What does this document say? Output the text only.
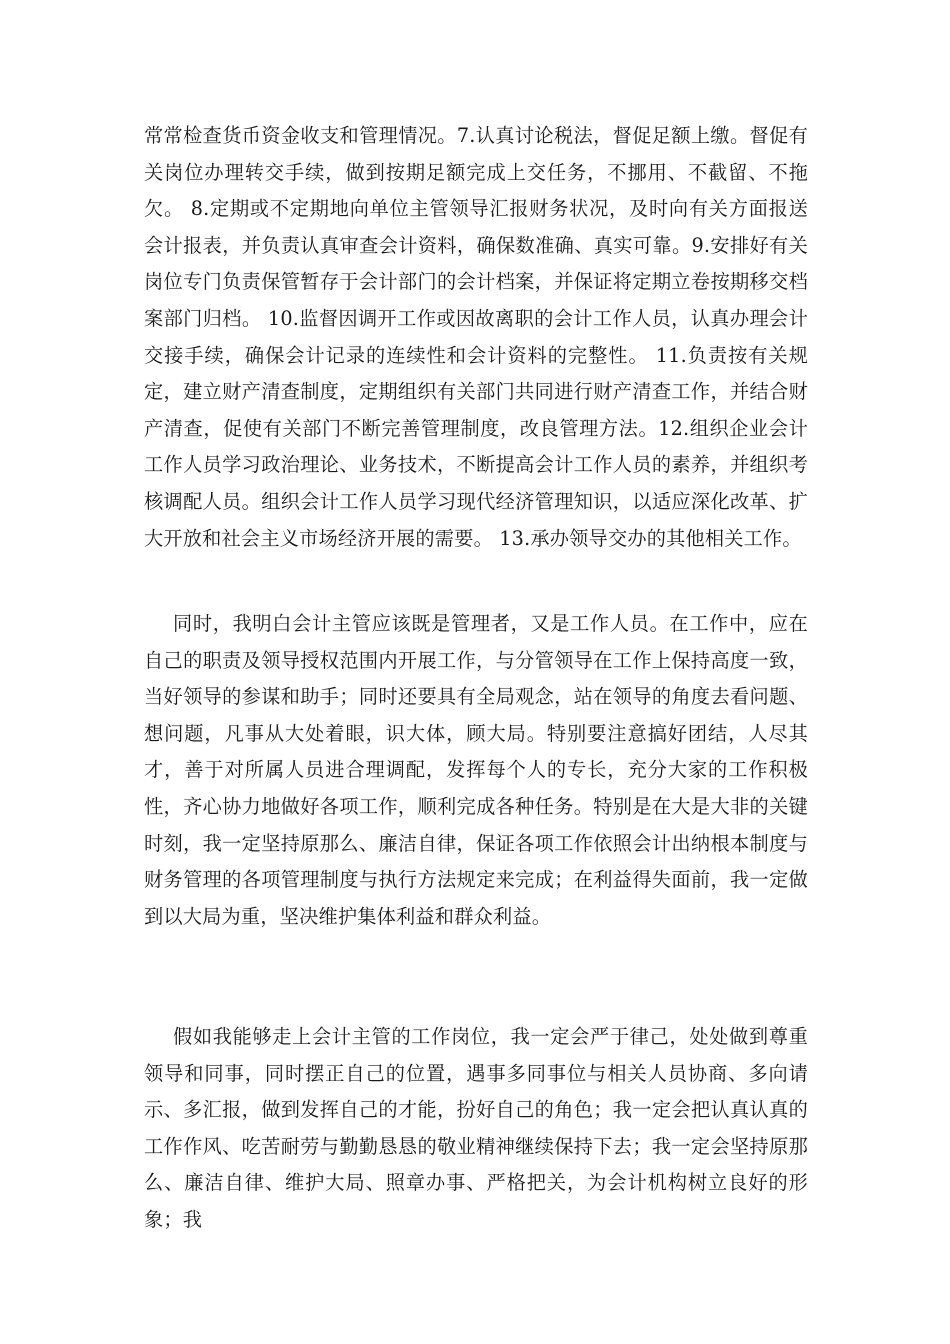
常常检查货币资金收支和管理情况。7.认真讨论税法，督促足额上缴。督促有关岗位办理转交手续，做到按期足额完成上交任务，不挪用、不截留、不拖欠。 8.定期或不定期地向单位主管领导汇报财务状况，及时向有关方面报送会计报表，并负责认真审查会计资料，确保数准确、真实可靠。9.安排好有关岗位专门负责保管暂存于会计部门的会计档案，并保证将定期立卷按期移交档案部门归档。 10.监督因调开工作或因故离职的会计工作人员，认真办理会计交接手续，确保会计记录的连续性和会计资料的完整性。 11.负责按有关规定，建立财产清查制度，定期组织有关部门共同进行财产清查工作，并结合财产清查，促使有关部门不断完善管理制度，改良管理方法。12.组织企业会计工作人员学习政治理论、业务技术，不断提高会计工作人员的素养，并组织考核调配人员。组织会计工作人员学习现代经济管理知识，以适应深化改革、扩大开放和社会主义市场经济开展的需要。 13.承办领导交办的其他相关工作。

同时，我明白会计主管应该既是管理者，又是工作人员。在工作中，应在自己的职责及领导授权范围内开展工作，与分管领导在工作上保持高度一致，当好领导的参谋和助手；同时还要具有全局观念，站在领导的角度去看问题、想问题，凡事从大处着眼，识大体，顾大局。特别要注意搞好团结，人尽其才，善于对所属人员进合理调配，发挥每个人的专长，充分大家的工作积极性，齐心协力地做好各项工作，顺利完成各种任务。特别是在大是大非的关键时刻，我一定坚持原那么、廉洁自律，保证各项工作依照会计出纳根本制度与财务管理的各项管理制度与执行方法规定来完成；在利益得失面前，我一定做到以大局为重，坚决维护集体利益和群众利益。

假如我能够走上会计主管的工作岗位，我一定会严于律己，处处做到尊重领导和同事，同时摆正自己的位置，遇事多同事位与相关人员协商、多向请示、多汇报，做到发挥自己的才能，扮好自己的角色；我一定会把认真认真的工作作风、吃苦耐劳与勤勤恳恳的敬业精神继续保持下去；我一定会坚持原那么、廉洁自律、维护大局、照章办事、严格把关，为会计机构树立良好的形象；我
